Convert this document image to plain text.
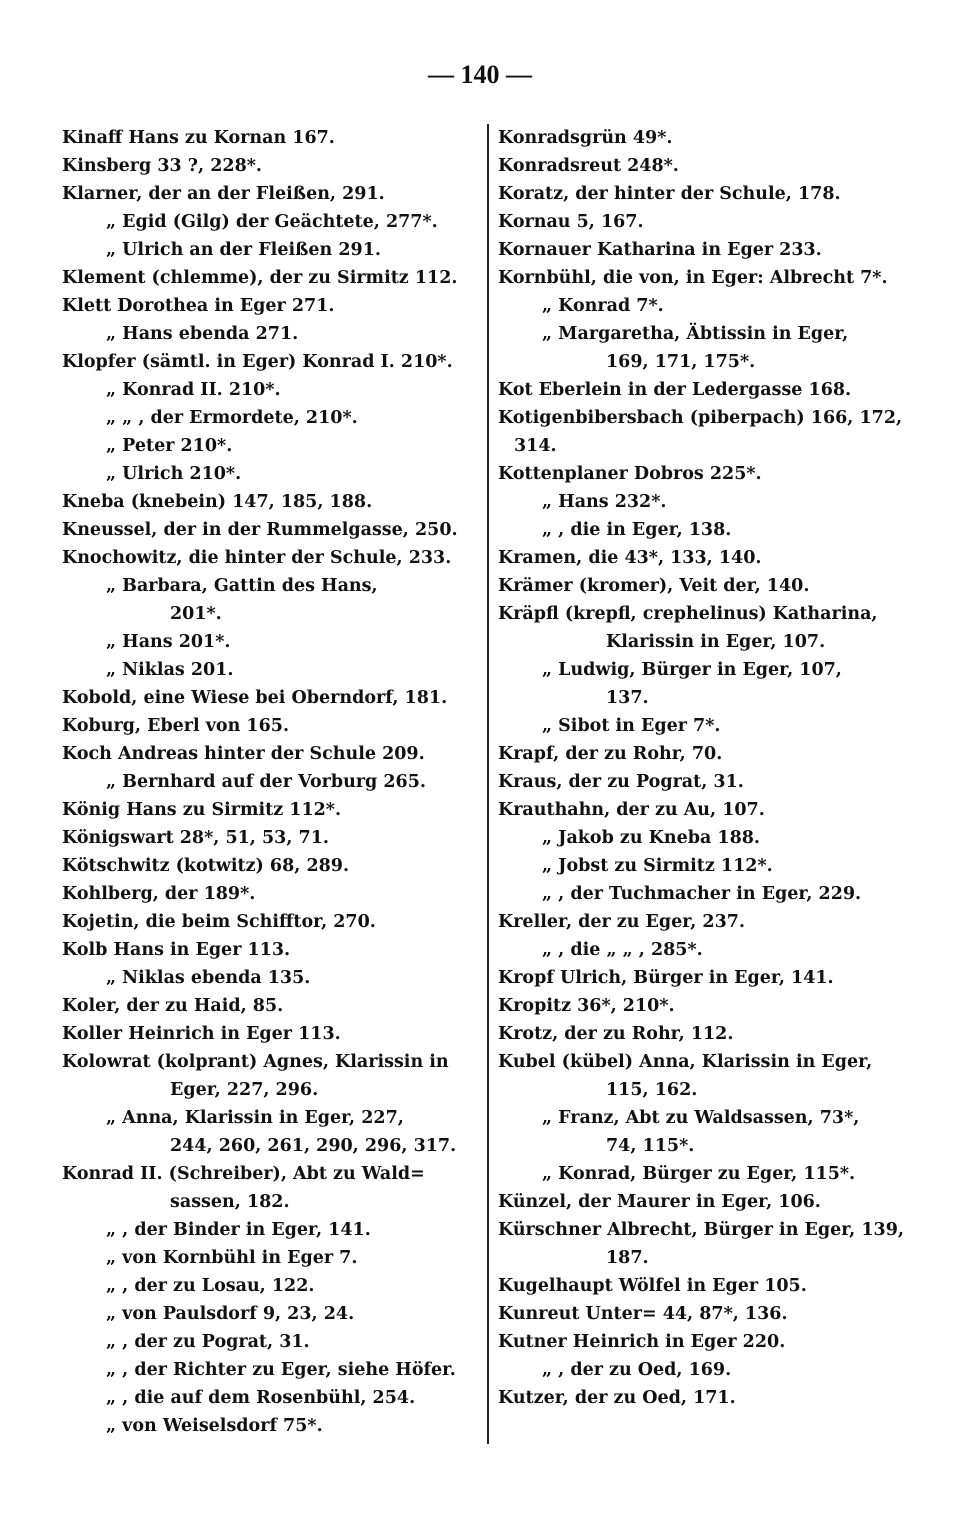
— 140 —
Kinaff Hans zu Kornan 167.
Kinsberg 33 ?, 228*.
Klarner, der an der Fleißen, 291.
„ Egid (Gilg) der Geächtete, 277*.
„ Ulrich an der Fleißen 291.
Klement (chlemme), der zu Sirmitz 112.
Klett Dorothea in Eger 271.
„ Hans ebenda 271.
Klopfer (sämtl. in Eger) Konrad I. 210*.
„ Konrad II. 210*.
„ „ , der Ermordete, 210*.
„ Peter 210*.
„ Ulrich 210*.
Kneba (knebein) 147, 185, 188.
Kneussel, der in der Rummelgasse, 250.
Knochowitz, die hinter der Schule, 233.
„ Barbara, Gattin des Hans,
201*.
„ Hans 201*.
„ Niklas 201.
Kobold, eine Wiese bei Oberndorf, 181.
Koburg, Eberl von 165.
Koch Andreas hinter der Schule 209.
„ Bernhard auf der Vorburg 265.
König Hans zu Sirmitz 112*.
Königswart 28*, 51, 53, 71.
Kötschwitz (kotwitz) 68, 289.
Kohlberg, der 189*.
Kojetin, die beim Schifftor, 270.
Kolb Hans in Eger 113.
„ Niklas ebenda 135.
Koler, der zu Haid, 85.
Koller Heinrich in Eger 113.
Kolowrat (kolprant) Agnes, Klarissin in
Eger, 227, 296.
„ Anna, Klarissin in Eger, 227,
244, 260, 261, 290, 296, 317.
Konrad II. (Schreiber), Abt zu Wald=
sassen, 182.
„ , der Binder in Eger, 141.
„ von Kornbühl in Eger 7.
„ , der zu Losau, 122.
„ von Paulsdorf 9, 23, 24.
„ , der zu Pograt, 31.
„ , der Richter zu Eger, siehe Höfer.
„ , die auf dem Rosenbühl, 254.
„ von Weiselsdorf 75*.
Konradsgrün 49*.
Konradsreut 248*.
Koratz, der hinter der Schule, 178.
Kornau 5, 167.
Kornauer Katharina in Eger 233.
Kornbühl, die von, in Eger: Albrecht 7*.
„ Konrad 7*.
„ Margaretha, Äbtissin in Eger,
169, 171, 175*.
Kot Eberlein in der Ledergasse 168.
Kotigenbibersbach (piberpach) 166, 172,
314.
Kottenplaner Dobros 225*.
„ Hans 232*.
„ , die in Eger, 138.
Kramen, die 43*, 133, 140.
Krämer (kromer), Veit der, 140.
Kräpfl (krepfl, crephelinus) Katharina,
Klarissin in Eger, 107.
„ Ludwig, Bürger in Eger, 107,
137.
„ Sibot in Eger 7*.
Krapf, der zu Rohr, 70.
Kraus, der zu Pograt, 31.
Krauthahn, der zu Au, 107.
„ Jakob zu Kneba 188.
„ Jobst zu Sirmitz 112*.
„ , der Tuchmacher in Eger, 229.
Kreller, der zu Eger, 237.
„ , die „ „ , 285*.
Kropf Ulrich, Bürger in Eger, 141.
Kropitz 36*, 210*.
Krotz, der zu Rohr, 112.
Kubel (kübel) Anna, Klarissin in Eger,
115, 162.
„ Franz, Abt zu Waldsassen, 73*,
74, 115*.
„ Konrad, Bürger zu Eger, 115*.
Künzel, der Maurer in Eger, 106.
Kürschner Albrecht, Bürger in Eger, 139,
187.
Kugelhaupt Wölfel in Eger 105.
Kunreut Unter= 44, 87*, 136.
Kutner Heinrich in Eger 220.
„ , der zu Oed, 169.
Kutzer, der zu Oed, 171.
